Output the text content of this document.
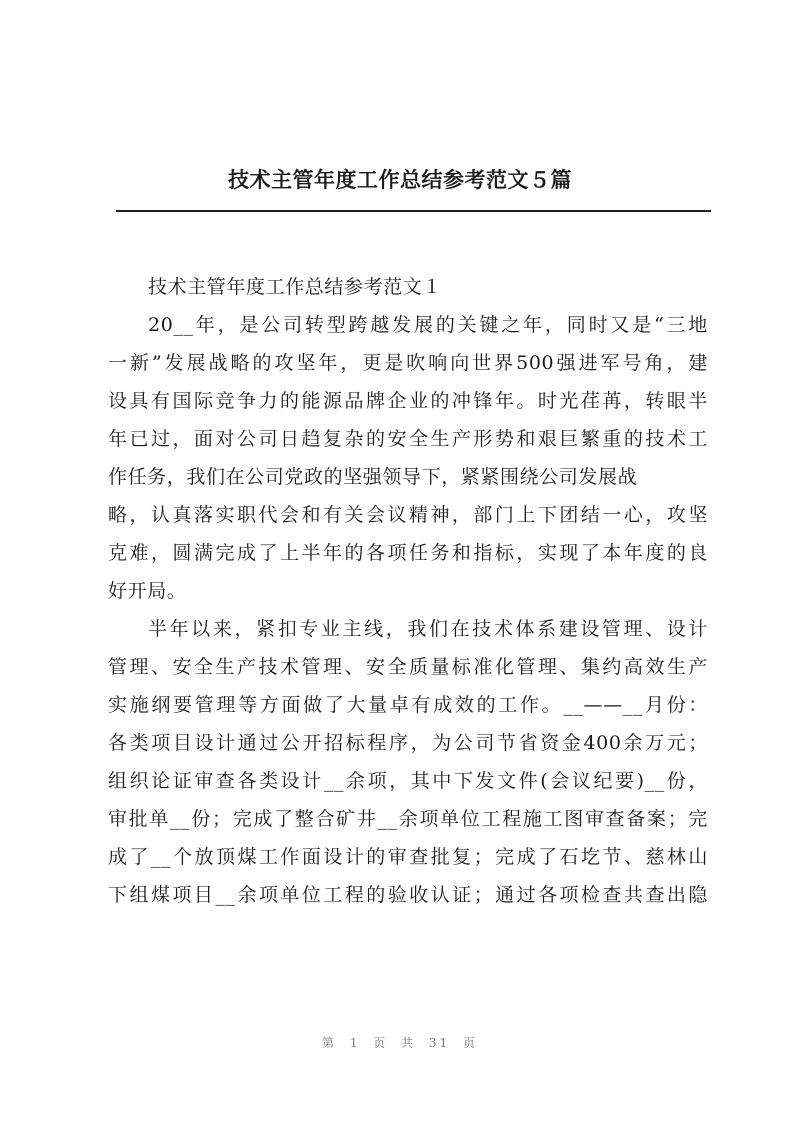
技术主管年度工作总结参考范文５篇
技术主管年度工作总结参考范文１
20__年，是公司转型跨越发展的关键之年，同时又是“三地
一新”发展战略的攻坚年，更是吹响向世界500强进军号角，建
设具有国际竞争力的能源品牌企业的冲锋年。时光荏苒，转眼半
年已过，面对公司日趋复杂的安全生产形势和艰巨繁重的技术工
作任务，我们在公司党政的坚强领导下，紧紧围绕公司发展战
略，认真落实职代会和有关会议精神，部门上下团结一心，攻坚
克难，圆满完成了上半年的各项任务和指标，实现了本年度的良
好开局。
半年以来，紧扣专业主线，我们在技术体系建设管理、设计
管理、安全生产技术管理、安全质量标准化管理、集约高效生产
实施纲要管理等方面做了大量卓有成效的工作。__——__月份：
各类项目设计通过公开招标程序，为公司节省资金400余万元；
组织论证审查各类设计__余项，其中下发文件(会议纪要)__份，
审批单__份；完成了整合矿井__余项单位工程施工图审查备案；完
成了__个放顶煤工作面设计的审查批复；完成了石圪节、慈林山
下组煤项目__余项单位工程的验收认证；通过各项检查共查出隐
第 1 页 共 31 页
